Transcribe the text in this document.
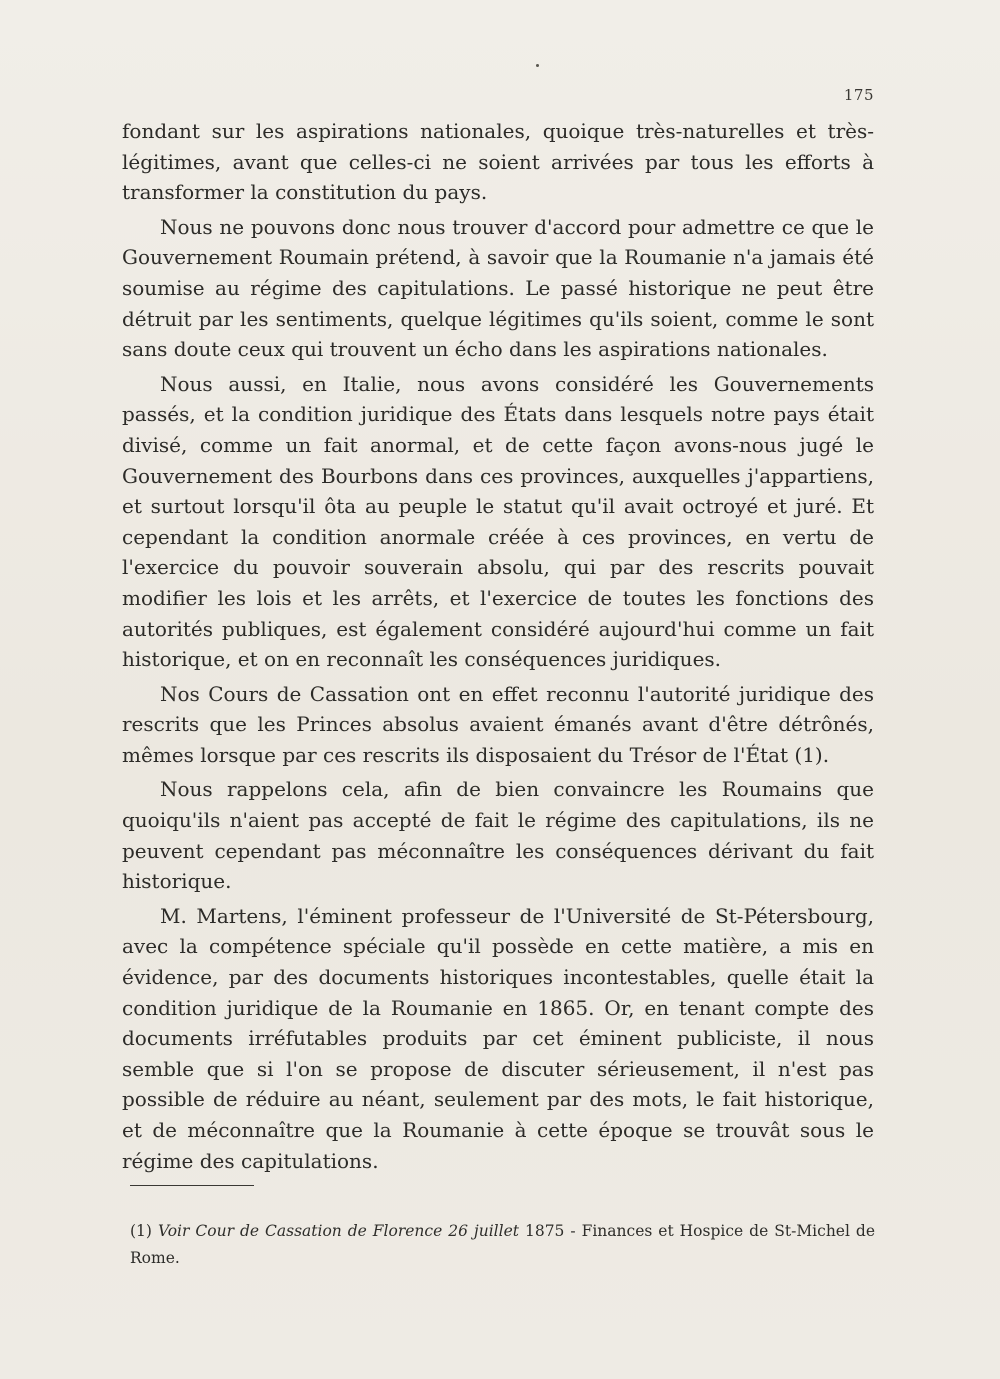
175

fondant sur les aspirations nationales, quoique très-naturelles et très-légitimes, avant que celles-ci ne soient arrivées par tous les efforts à transformer la constitution du pays.

Nous ne pouvons donc nous trouver d'accord pour admettre ce que le Gouvernement Roumain prétend, à savoir que la Roumanie n'a jamais été soumise au régime des capitulations. Le passé historique ne peut être détruit par les sentiments, quelque légitimes qu'ils soient, comme le sont sans doute ceux qui trouvent un écho dans les aspirations nationales.

Nous aussi, en Italie, nous avons considéré les Gouvernements passés, et la condition juridique des États dans lesquels notre pays était divisé, comme un fait anormal, et de cette façon avons-nous jugé le Gouvernement des Bourbons dans ces provinces, auxquelles j'appartiens, et surtout lorsqu'il ôta au peuple le statut qu'il avait octroyé et juré. Et cependant la condition anormale créée à ces provinces, en vertu de l'exercice du pouvoir souverain absolu, qui par des rescrits pouvait modifier les lois et les arrêts, et l'exercice de toutes les fonctions des autorités publiques, est également considéré aujourd'hui comme un fait historique, et on en reconnaît les conséquences juridiques.

Nos Cours de Cassation ont en effet reconnu l'autorité juridique des rescrits que les Princes absolus avaient émanés avant d'être détrônés, mêmes lorsque par ces rescrits ils disposaient du Trésor de l'État (1).

Nous rappelons cela, afin de bien convaincre les Roumains que quoiqu'ils n'aient pas accepté de fait le régime des capitulations, ils ne peuvent cependant pas méconnaître les conséquences dérivant du fait historique.

M. Martens, l'éminent professeur de l'Université de St-Pétersbourg, avec la compétence spéciale qu'il possède en cette matière, a mis en évidence, par des documents historiques incontestables, quelle était la condition juridique de la Roumanie en 1865. Or, en tenant compte des documents irréfutables produits par cet éminent publiciste, il nous semble que si l'on se propose de discuter sérieusement, il n'est pas possible de réduire au néant, seulement par des mots, le fait historique, et de méconnaître que la Roumanie à cette époque se trouvât sous le régime des capitulations.

(1) Voir Cour de Cassation de Florence 26 juillet 1875 - Finances et Hospice de St-Michel de Rome.
